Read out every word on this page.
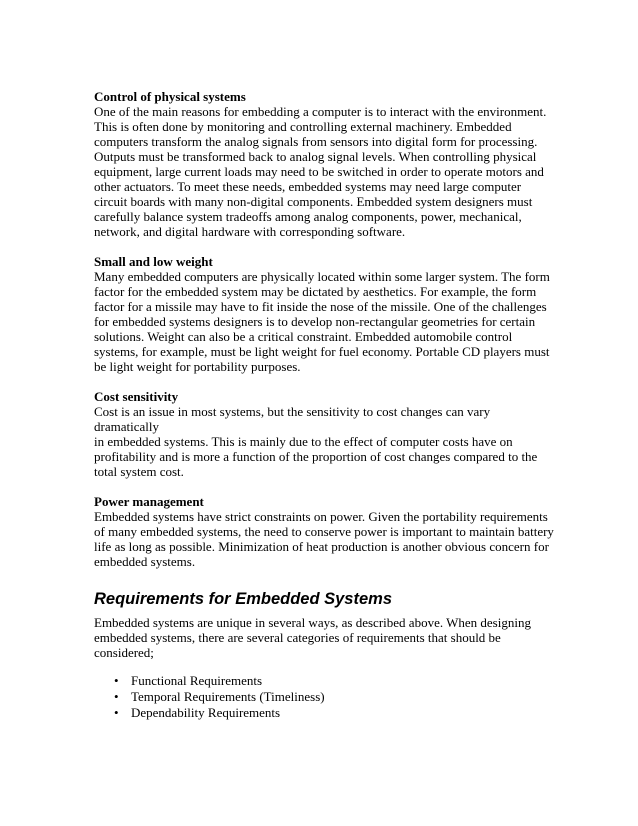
Control of physical systems
One of the main reasons for embedding a computer is to interact with the environment.
This is often done by monitoring and controlling external machinery. Embedded
computers transform the analog signals from sensors into digital form for processing.
Outputs must be transformed back to analog signal levels. When controlling physical
equipment, large current loads may need to be switched in order to operate motors and
other actuators. To meet these needs, embedded systems may need large computer
circuit boards with many non-digital components. Embedded system designers must
carefully balance system tradeoffs among analog components, power, mechanical,
network, and digital hardware with corresponding software.
Small and low weight
Many embedded computers are physically located within some larger system. The form
factor for the embedded system may be dictated by aesthetics. For example, the form
factor for a missile may have to fit inside the nose of the missile. One of the challenges
for embedded systems designers is to develop non-rectangular geometries for certain
solutions. Weight can also be a critical constraint. Embedded automobile control
systems, for example, must be light weight for fuel economy. Portable CD players must
be light weight for portability purposes.
Cost sensitivity
Cost is an issue in most systems, but the sensitivity to cost changes can vary dramatically
in embedded systems. This is mainly due to the effect of computer costs have on
profitability and is more a function of the proportion of cost changes compared to the
total system cost.
Power management
Embedded systems have strict constraints on power. Given the portability requirements
of many embedded systems, the need to conserve power is important to maintain battery
life as long as possible. Minimization of heat production is another obvious concern for
embedded systems.
Requirements for Embedded Systems
Embedded systems are unique in several ways, as described above. When designing
embedded systems, there are several categories of requirements that should be
considered;
• Functional Requirements
• Temporal Requirements (Timeliness)
• Dependability Requirements
